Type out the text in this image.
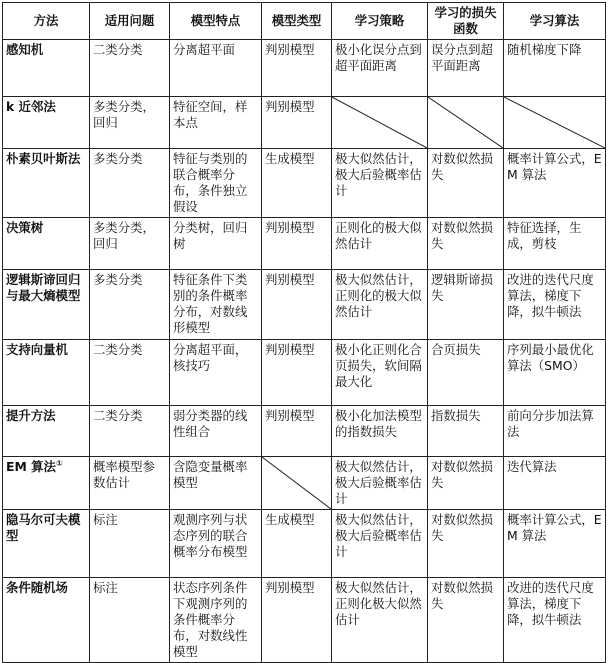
方法	适用问题	模型特点	模型类型	学习策略	学习的损失函数	学习算法
感知机	二类分类	分离超平面	判别模型	极小化误分点到超平面距离	误分点到超平面距离	随机梯度下降
k 近邻法	多类分类，回归	特征空间，样本点	判别模型	

朴素贝叶斯法	多类分类	特征与类别的联合概率分布，条件独立假设	生成模型	极大似然估计，极大后验概率估计	对数似然损失	概率计算公式，EM 算法
决策树	多类分类，回归	分类树，回归树	判别模型	正则化的极大似然估计	对数似然损失	特征选择，生成，剪枝
逻辑斯谛回归与最大熵模型	多类分类	特征条件下类别的条件概率分布，对数线形模型	判别模型	极大似然估计，正则化的极大似然估计	逻辑斯谛损失	改进的迭代尺度算法，梯度下降，拟牛顿法
支持向量机	二类分类	分离超平面，核技巧	判别模型	极小化正则化合页损失，软间隔最大化	合页损失	序列最小最优化算法（SMO）
提升方法	二类分类	弱分类器的线性组合	判别模型	极小化加法模型的指数损失	指数损失	前向分步加法算法
EM 算法①	概率模型参数估计	含隐变量概率模型		极大似然估计，极大后验概率估计	对数似然损失	迭代算法
隐马尔可夫模型	标注	观测序列与状态序列的联合概率分布模型	生成模型	极大似然估计，极大后验概率估计	对数似然损失	概率计算公式，EM 算法
条件随机场	标注	状态序列条件下观测序列的条件概率分布，对数线性模型	判别模型	极大似然估计，正则化极大似然估计	对数似然损失	改进的迭代尺度算法，梯度下降，拟牛顿法
